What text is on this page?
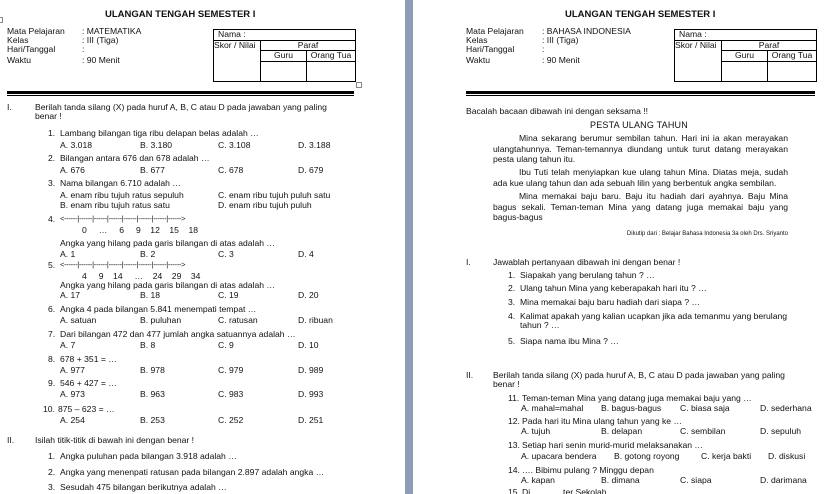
ULANGAN TENGAH SEMESTER I
Mata Pelajaran : MATEMATIKA
Kelas	: III (Tiga)
Hari/Tanggal	:
Waktu	: 90 Menit
Nama :
Skor / Nilai	Paraf
Guru	Orang Tua
I.	Berilah tanda silang (X) pada huruf A, B, C atau D pada jawaban yang paling
benar !
II. Isilah titik-titik di bawah ini dengan benar !
1. Angka puluhan pada bilangan 3.918 adalah …
2. Angka yang menenpati ratusan pada bilangan 2.897 adalah angka …
3. Sesudah 475 bilangan berikutnya adalah …
1. Lambang bilangan tiga ribu delapan belas adalah …
A. 3.018	B. 3.180	C. 3.108	D. 3.188
2. Bilangan antara 676 dan 678 adalah …
A. 676	B. 677	C. 678	D. 679
3. Nama bilangan 6.710 adalah …
A. enam ribu tujuh ratus sepuluh
B. enam ribu tujuh ratus satu
C. enam ribu tujuh puluh satu
D. enam ribu tujuh puluh
4. <------|------|------|------|------|------|------|------>
0     …     6     9    12    15    18
Angka yang hilang pada garis bilangan di atas adalah …
A. 1	B. 2	C. 3	D. 4
5. <------|------|------|------|------|------|------|------>
4     9    14     …    24    29    34
Angka yang hilang pada garis bilangan di atas adalah …
A. 17	B. 18	C. 19	D. 20
6. Angka 4 pada bilangan 5.841 menempati tempat …
A. satuan	B. puluhan	C. ratusan	D. ribuan
7. Dari bilangan 472 dan 477 jumlah angka satuannya adalah …
A. 7	B. 8	C. 9	D. 10
8. 678 + 351 = …
A. 977	B. 978	C. 979	D. 989
9. 546 + 427 = …
A. 973	B. 963	C. 983	D. 993
10. 875 – 623 = …
A. 254	B. 253	C. 252	D. 251
ULANGAN TENGAH SEMESTER I
Mata Pelajaran : BAHASA INDONESIA
Kelas	: III (Tiga)
Hari/Tanggal	:
Waktu	: 90 Menit
Nama :
Skor / Nilai	Paraf
Guru	Orang Tua
Bacalah bacaan dibawah ini dengan seksama !!
PESTA ULANG TAHUN
Mina sekarang berumur sembilan tahun. Hari ini ia akan merayakan ulangtahunnya. Teman-temannya diundang untuk turut datang merayakan pesta ulang tahun itu.
Ibu Tuti telah menyiapkan kue ulang tahun Mina. Diatas meja, sudah ada kue ulang tahun dan ada sebuah lilin yang berbentuk angka sembilan.
Mina memakai baju baru. Baju itu hadiah dari ayahnya. Baju Mina bagus sekali. Teman-teman Mina yang datang juga memakai baju yang bagus-bagus
Dikutip dari : Belajar Bahasa Indonesia 3a oleh Drs. Sriyanto
I.	Jawablah pertanyaan dibawah ini dengan benar !
1. Siapakah yang berulang tahun ? …
2. Ulang tahun Mina yang keberapakah hari itu ? …
3. Mina memakai baju baru hadiah dari siapa ? …
4. Kalimat apakah yang kalian ucapkan jika ada temanmu yang berulang
tahun ? …
5. Siapa nama ibu Mina ? …
II. Berilah tanda silang (X) pada huruf A, B, C atau D pada jawaban yang paling
benar !
11. Teman-teman Mina yang datang juga memakai baju yang …
A. mahal=mahal B. bagus-bagus C. biasa saja	D. sederhana
12. Pada hari itu Mina ulang tahun yang ke …
A. tujuh	B. delapan	C. sembilan	D. sepuluh
13. Setiap hari senin murid-murid melaksanakan …
A. upacara bendera B. gotong royong	C. kerja bakti D. diskusi
14. …. Bibimu pulang ? Minggu depan
A. kapan	B. dimana	C. siapa	D. darimana
15. Di ………. ter Sekolah …
